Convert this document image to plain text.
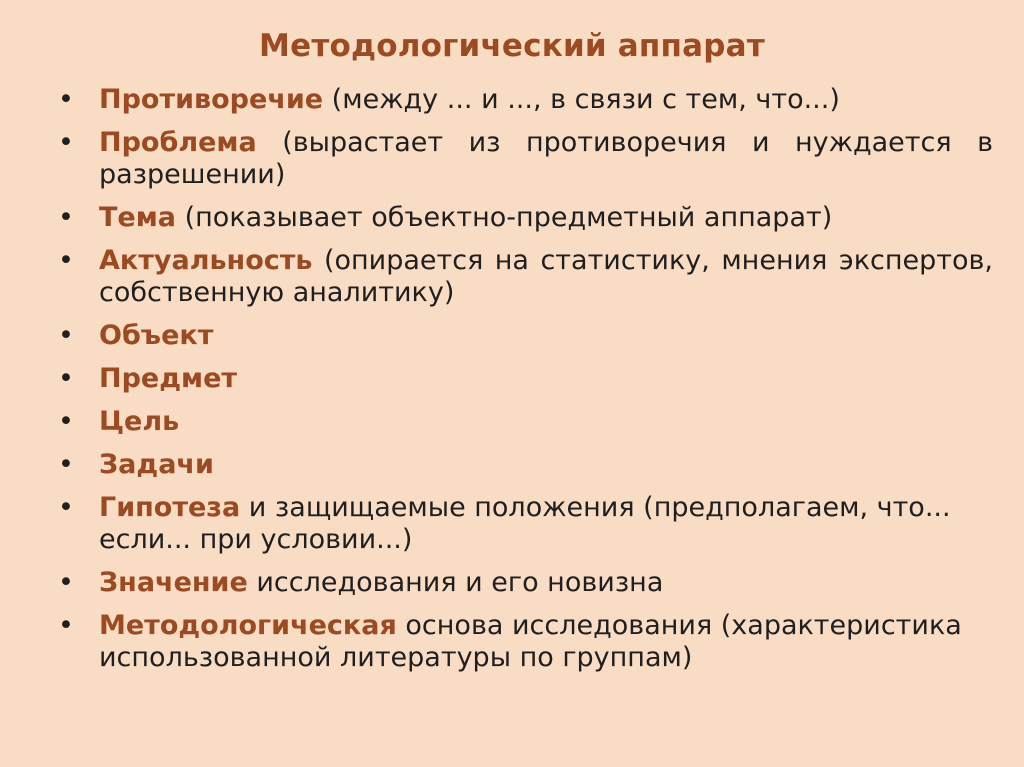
Методологический аппарат
• Противоречие (между ... и ..., в связи с тем, что...)
• Проблема (вырастает из противоречия и нуждается в разрешении)
• Тема (показывает объектно-предметный аппарат)
• Актуальность (опирается на статистику, мнения экспертов, собственную аналитику)
• Объект
• Предмет
• Цель
• Задачи
• Гипотеза и защищаемые положения (предполагаем, что... если... при условии...)
• Значение исследования и его новизна
• Методологическая основа исследования (характеристика использованной литературы по группам)
